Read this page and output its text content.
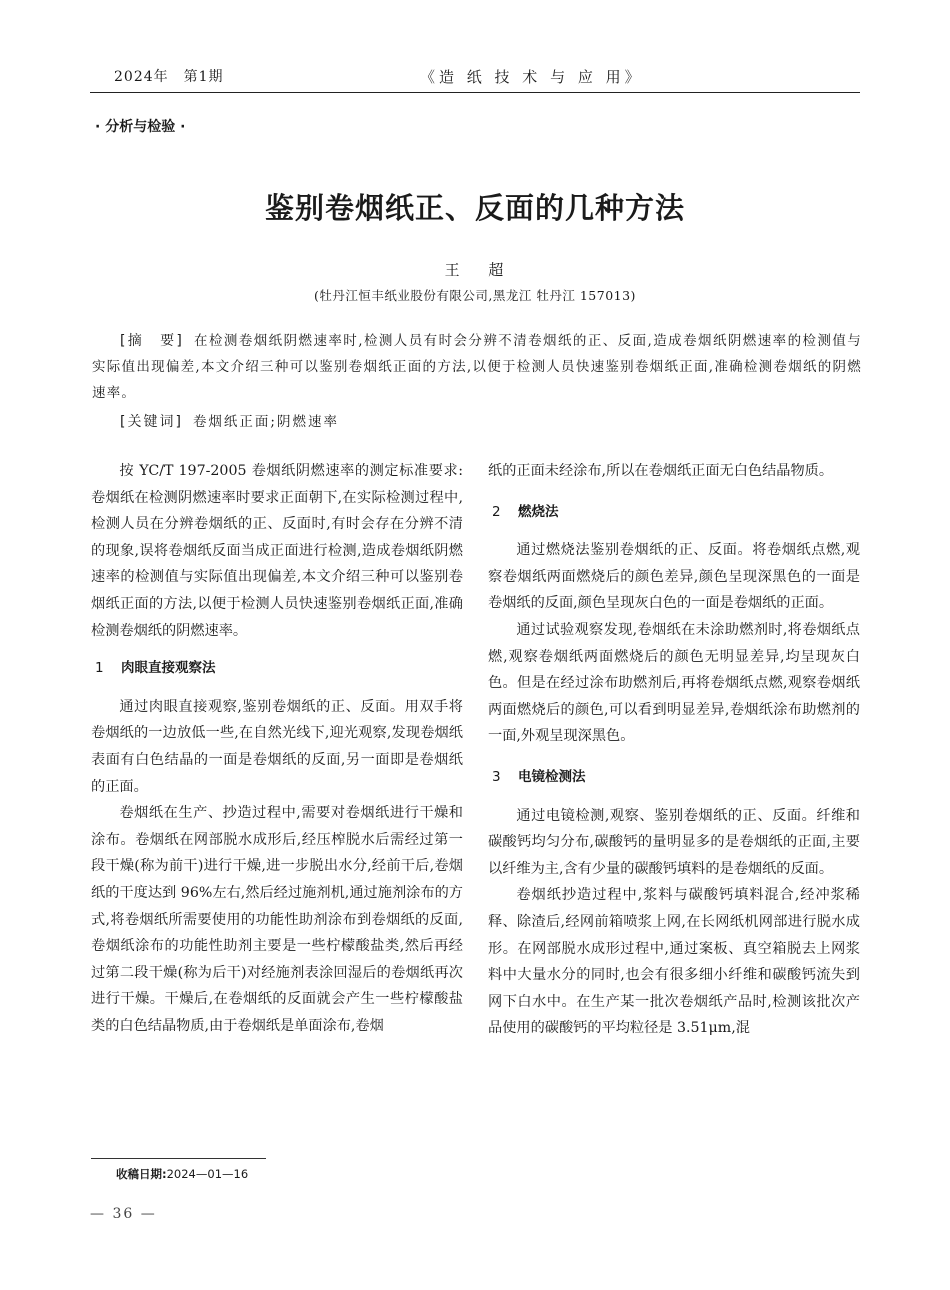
2024年　第1期	《造 纸 技 术 与 应 用》
· 分析与检验 ·
鉴别卷烟纸正、反面的几种方法
王 超
(牡丹江恒丰纸业股份有限公司,黑龙江 牡丹江 157013)
[摘　要] 在检测卷烟纸阴燃速率时,检测人员有时会分辨不清卷烟纸的正、反面,造成卷烟纸阴燃速率的检测值与实际值出现偏差,本文介绍三种可以鉴别卷烟纸正面的方法,以便于检测人员快速鉴别卷烟纸正面,准确检测卷烟纸的阴燃速率。
[关键词] 卷烟纸正面;阴燃速率

按 YC/T 197-2005 卷烟纸阴燃速率的测定标准要求:卷烟纸在检测阴燃速率时要求正面朝下,在实际检测过程中,检测人员在分辨卷烟纸的正、反面时,有时会存在分辨不清的现象,误将卷烟纸反面当成正面进行检测,造成卷烟纸阴燃速率的检测值与实际值出现偏差,本文介绍三种可以鉴别卷烟纸正面的方法,以便于检测人员快速鉴别卷烟纸正面,准确检测卷烟纸的阴燃速率。

1 肉眼直接观察法

通过肉眼直接观察,鉴别卷烟纸的正、反面。用双手将卷烟纸的一边放低一些,在自然光线下,迎光观察,发现卷烟纸表面有白色结晶的一面是卷烟纸的反面,另一面即是卷烟纸的正面。

卷烟纸在生产、抄造过程中,需要对卷烟纸进行干燥和涂布。卷烟纸在网部脱水成形后,经压榨脱水后需经过第一段干燥(称为前干)进行干燥,进一步脱出水分,经前干后,卷烟纸的干度达到 96%左右,然后经过施剂机,通过施剂涂布的方式,将卷烟纸所需要使用的功能性助剂涂布到卷烟纸的反面,卷烟纸涂布的功能性助剂主要是一些柠檬酸盐类,然后再经过第二段干燥(称为后干)对经施剂表涂回湿后的卷烟纸再次进行干燥。干燥后,在卷烟纸的反面就会产生一些柠檬酸盐类的白色结晶物质,由于卷烟纸是单面涂布,卷烟

纸的正面未经涂布,所以在卷烟纸正面无白色结晶物质。

2 燃烧法

通过燃烧法鉴别卷烟纸的正、反面。将卷烟纸点燃,观察卷烟纸两面燃烧后的颜色差异,颜色呈现深黑色的一面是卷烟纸的反面,颜色呈现灰白色的一面是卷烟纸的正面。

通过试验观察发现,卷烟纸在未涂助燃剂时,将卷烟纸点燃,观察卷烟纸两面燃烧后的颜色无明显差异,均呈现灰白色。但是在经过涂布助燃剂后,再将卷烟纸点燃,观察卷烟纸两面燃烧后的颜色,可以看到明显差异,卷烟纸涂布助燃剂的一面,外观呈现深黑色。

3 电镜检测法

通过电镜检测,观察、鉴别卷烟纸的正、反面。纤维和碳酸钙均匀分布,碳酸钙的量明显多的是卷烟纸的正面,主要以纤维为主,含有少量的碳酸钙填料的是卷烟纸的反面。

卷烟纸抄造过程中,浆料与碳酸钙填料混合,经冲浆稀释、除渣后,经网前箱喷浆上网,在长网纸机网部进行脱水成形。在网部脱水成形过程中,通过案板、真空箱脱去上网浆料中大量水分的同时,也会有很多细小纤维和碳酸钙流失到网下白水中。在生产某一批次卷烟纸产品时,检测该批次产品使用的碳酸钙的平均粒径是 3.51μm,混

收稿日期:2024—01—16
— 36 —
